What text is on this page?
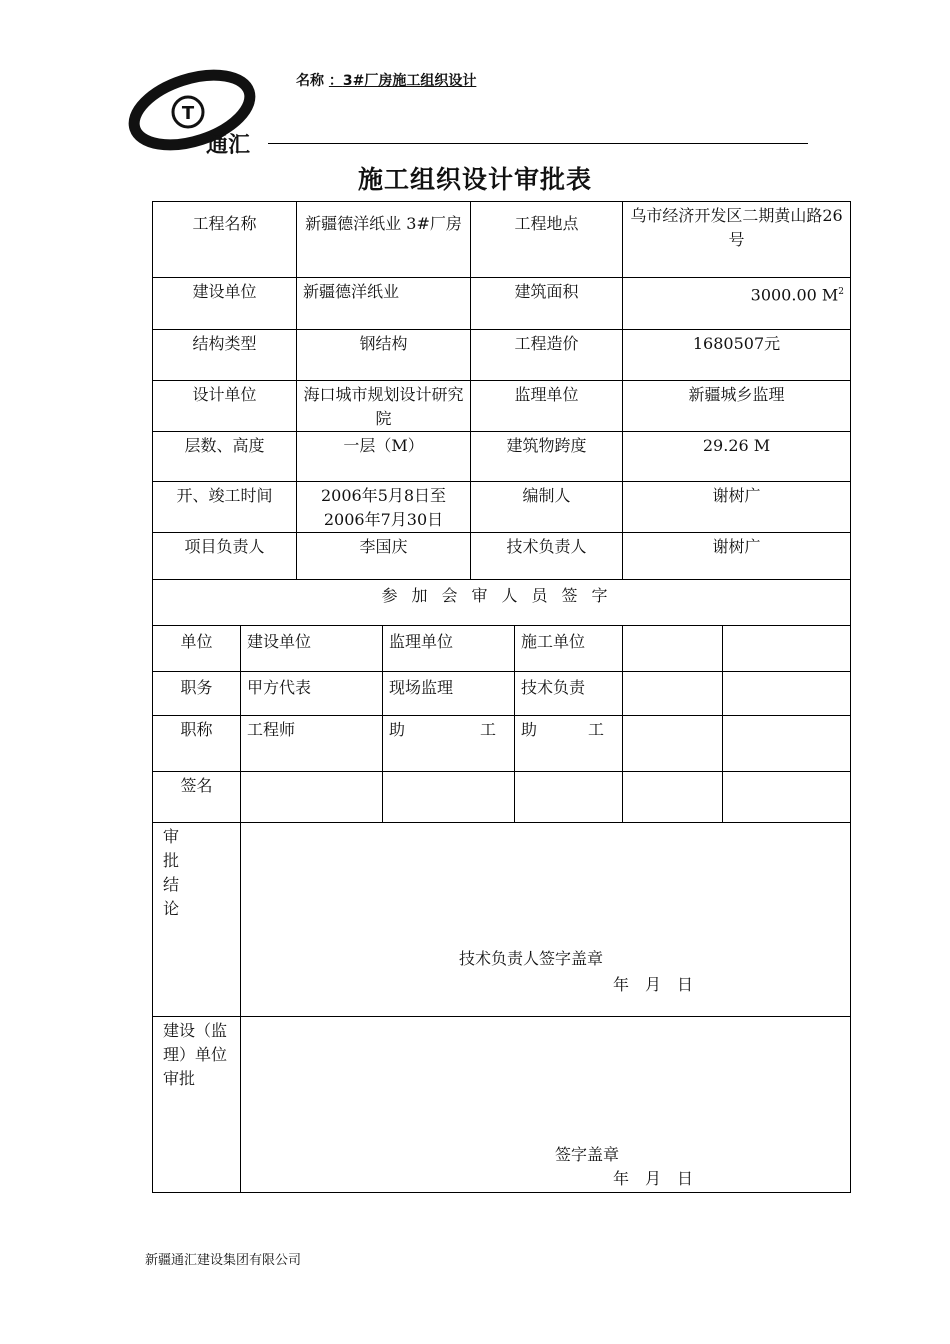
T
通汇
名称 ：3#厂房施工组织设计
施工组织设计审批表
工程名称		新疆德洋纸业 3#厂房		工程地点		乌市经济开发区二期黄山路26号	
建设单位		新疆德洋纸业		建筑面积		3000.00 $M^2$
结构类型		钢结构		工程造价		1680507元	
设计单位		海口城市规划设计研究院		监理单位		新疆城乡监理	
层数、高度		一层（M）		建筑物跨度		29.26 M	
开、竣工时间		2006年5月8日至2006年7月30日		编制人		谢树广	
项目负责人		李国庆		技术负责人		谢树广	
参加会审人员签字							
单位	建设单位		监理单位		施工单位		
职务	甲方代表		现场监理		技术负责		
职称	工程师		助 工		助 工		

签名							
审批结论	技术负责人签字盖章
年　月　日						

建设（监理）单位审批	签字盖章
年　月　日						
新疆通汇建设集团有限公司
